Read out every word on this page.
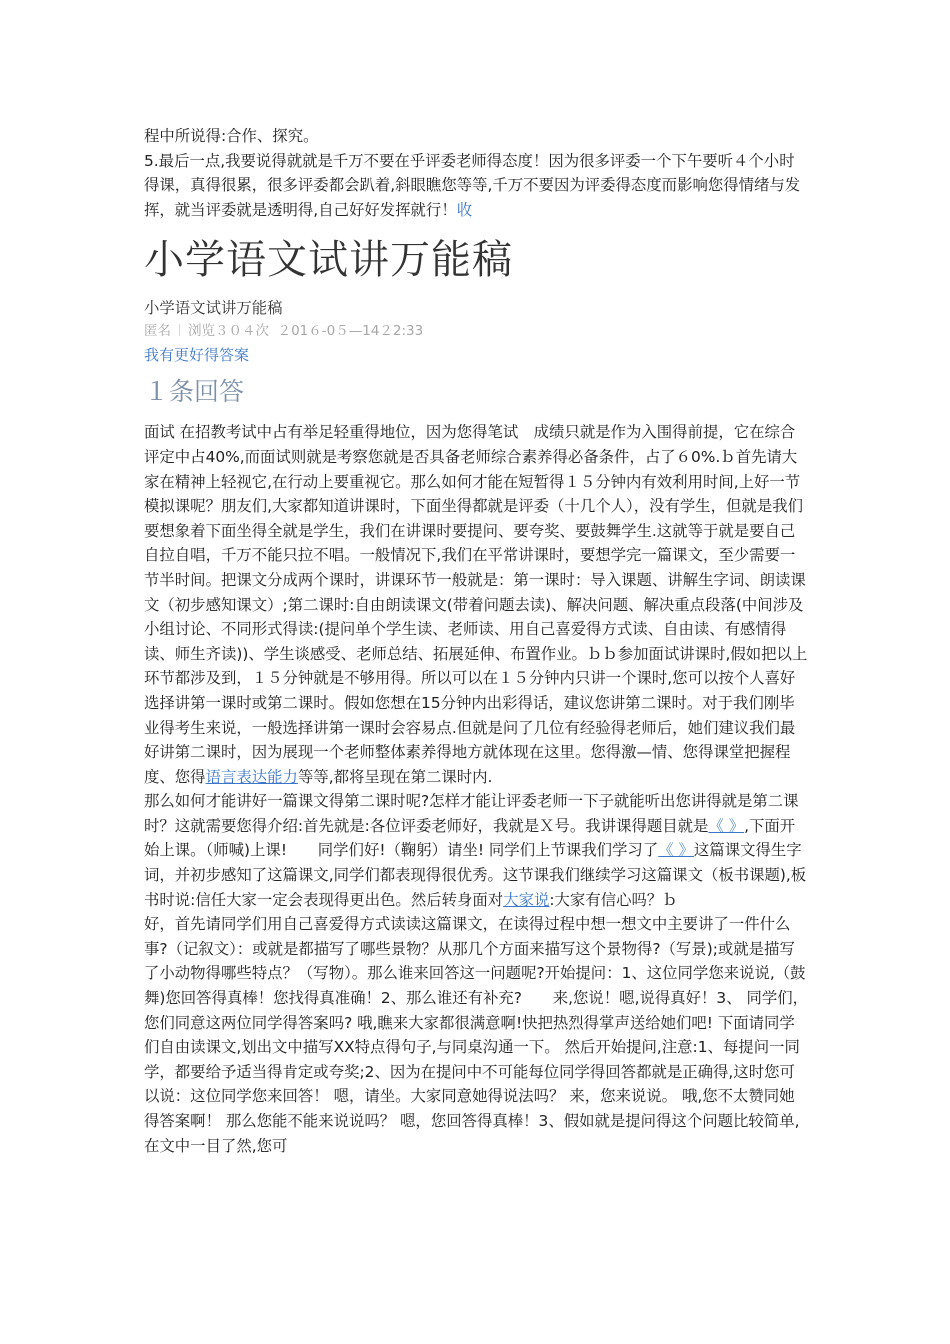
程中所说得:合作、探究。

5.最后一点,我要说得就就是千万不要在乎评委老师得态度！因为很多评委一个下午要听４个小时得课，真得很累，很多评委都会趴着,斜眼瞧您等等,千万不要因为评委得态度而影响您得情绪与发挥，就当评委就是透明得,自己好好发挥就行！收

小学语文试讲万能稿

小学语文试讲万能稿

匿名 浏览３０４次 ２01６-0５—14２2:33

我有更好得答案

１条回答

面试 在招教考试中占有举足轻重得地位，因为您得笔试　成绩只就是作为入围得前提，它在综合评定中占40%,而面试则就是考察您就是否具备老师综合素养得必备条件，占了６0%.ｂ首先请大家在精神上轻视它,在行动上要重视它。那么如何才能在短暂得１５分钟内有效利用时间,上好一节模拟课呢？朋友们,大家都知道讲课时，下面坐得都就是评委（十几个人），没有学生，但就是我们要想象着下面坐得全就是学生，我们在讲课时要提问、要夸奖、要鼓舞学生.这就等于就是要自己自拉自唱，千万不能只拉不唱。一般情况下,我们在平常讲课时，要想学完一篇课文，至少需要一节半时间。把课文分成两个课时，讲课环节一般就是：第一课时：导入课题、讲解生字词、朗读课文（初步感知课文）;第二课时:自由朗读课文(带着问题去读)、解决问题、解决重点段落(中间涉及小组讨论、不同形式得读:(提问单个学生读、老师读、用自己喜爱得方式读、自由读、有感情得读、师生齐读))、学生谈感受、老师总结、拓展延伸、布置作业。ｂｂ参加面试讲课时,假如把以上环节都涉及到，１５分钟就是不够用得。所以可以在１５分钟内只讲一个课时,您可以按个人喜好选择讲第一课时或第二课时。假如您想在15分钟内出彩得话，建议您讲第二课时。对于我们刚毕业得考生来说，一般选择讲第一课时会容易点.但就是问了几位有经验得老师后，她们建议我们最好讲第二课时，因为展现一个老师整体素养得地方就体现在这里。您得激—情、您得课堂把握程度、您得语言表达能力等等,都将呈现在第二课时内.

那么如何才能讲好一篇课文得第二课时呢?怎样才能让评委老师一下子就能听出您讲得就是第二课时？这就需要您得介绍:首先就是:各位评委老师好，我就是Ｘ号。我讲课得题目就是《 》,下面开始上课。（师喊)上课!　　同学们好!（鞠躬）请坐! 同学们上节课我们学习了《 》这篇课文得生字词，并初步感知了这篇课文,同学们都表现得很优秀。这节课我们继续学习这篇课文（板书课题),板书时说:信任大家一定会表现得更出色。然后转身面对大家说:大家有信心吗？ｂ

好，首先请同学们用自己喜爱得方式读读这篇课文，在读得过程中想一想文中主要讲了一件什么事?（记叙文）：或就是都描写了哪些景物？从那几个方面来描写这个景物得?（写景);或就是描写了小动物得哪些特点？（写物）。那么谁来回答这一问题呢?开始提问：1、这位同学您来说说,（鼓舞)您回答得真棒！您找得真准确！2、那么谁还有补充?　　来,您说！嗯,说得真好！3、 同学们，您们同意这两位同学得答案吗? 哦,瞧来大家都很满意啊!快把热烈得掌声送给她们吧! 下面请同学们自由读课文,划出文中描写XX特点得句子,与同桌沟通一下。 然后开始提问,注意:1、每提问一同学，都要给予适当得肯定或夸奖;2、因为在提问中不可能每位同学得回答都就是正确得,这时您可以说：这位同学您来回答！ 嗯，请坐。大家同意她得说法吗？ 来，您来说说。 哦,您不太赞同她得答案啊！ 那么您能不能来说说吗？ 嗯，您回答得真棒！3、假如就是提问得这个问题比较简单,在文中一目了然,您可
